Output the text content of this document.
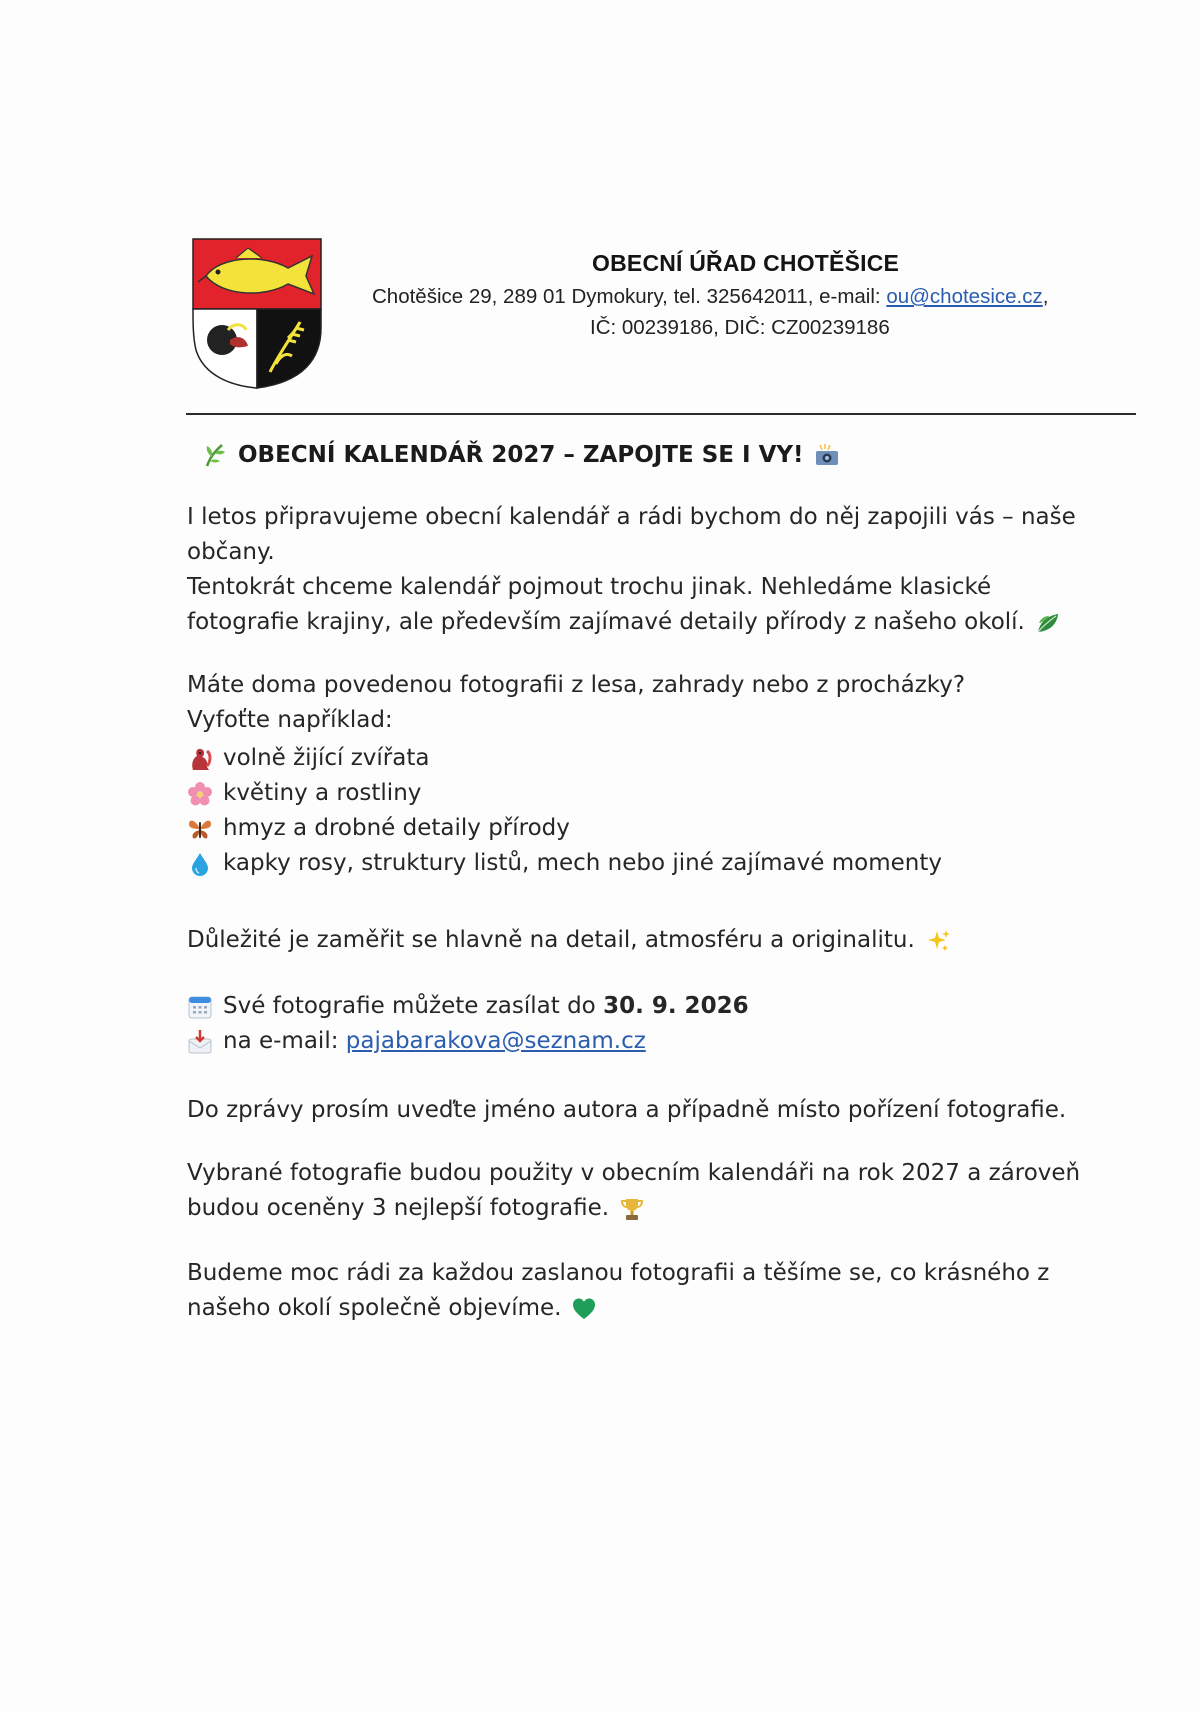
OBECNÍ ÚŘAD CHOTĚŠICE
Chotěšice 29, 289 01 Dymokury, tel. 325642011, e-mail: ou@chotesice.cz,
IČ: 00239186, DIČ: CZ00239186
OBECNÍ KALENDÁŘ 2027 – ZAPOJTE SE I VY!
I letos připravujeme obecní kalendář a rádi bychom do něj zapojili vás – naše
občany.
Tentokrát chceme kalendář pojmout trochu jinak. Nehledáme klasické
fotografie krajiny, ale především zajímavé detaily přírody z našeho okolí.
Máte doma povedenou fotografii z lesa, zahrady nebo z procházky?
Vyfoťte například:
volně žijící zvířata
květiny a rostliny
hmyz a drobné detaily přírody
kapky rosy, struktury listů, mech nebo jiné zajímavé momenty
Důležité je zaměřit se hlavně na detail, atmosféru a originalitu.
Své fotografie můžete zasílat do 30. 9. 2026
na e-mail: pajabarakova@seznam.cz
Do zprávy prosím uveďte jméno autora a případně místo pořízení fotografie.
Vybrané fotografie budou použity v obecním kalendáři na rok 2027 a zároveň
budou oceněny 3 nejlepší fotografie.
Budeme moc rádi za každou zaslanou fotografii a těšíme se, co krásného z
našeho okolí společně objevíme.
